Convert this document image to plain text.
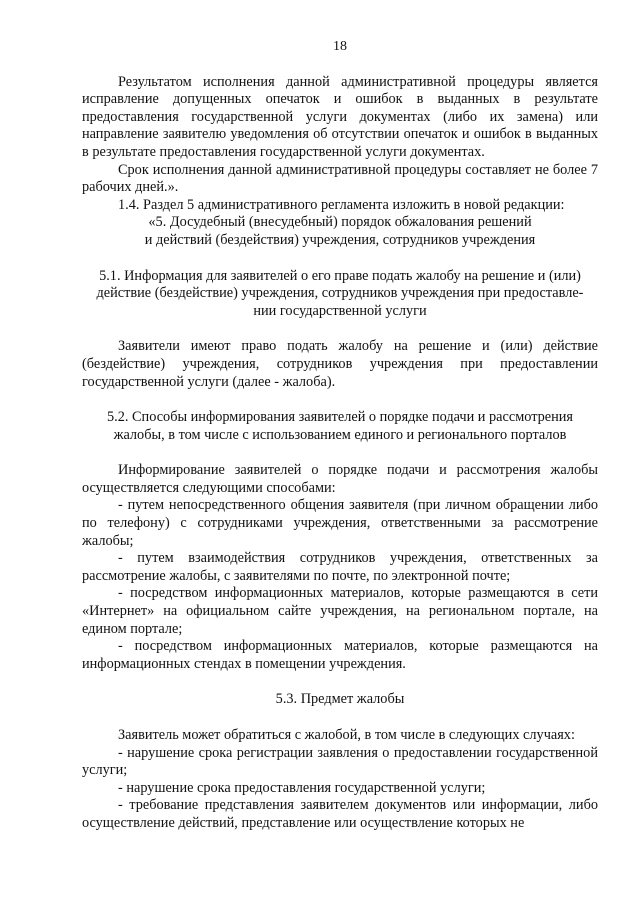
18

Результатом исполнения данной административной процедуры является исправление допущенных опечаток и ошибок в выданных в результате предоставления государственной услуги документах (либо их замена) или направление заявителю уведомления об отсутствии опечаток и ошибок в выданных в результате предоставления государственной услуги документах.

Срок исполнения данной административной процедуры составляет не более 7 рабочих дней.».

1.4. Раздел 5 административного регламента изложить в новой редакции:

«5. Досудебный (внесудебный) порядок обжалования решений
и действий (бездействия) учреждения, сотрудников учреждения
5.1. Информация для заявителей о его праве подать жалобу на решение и (или)
действие (бездействие) учреждения, сотрудников учреждения при предоставле-
нии государственной услуги

Заявители имеют право подать жалобу на решение и (или) действие (бездействие) учреждения, сотрудников учреждения при предоставлении государственной услуги (далее - жалоба).

5.2. Способы информирования заявителей о порядке подачи и рассмотрения
жалобы, в том числе с использованием единого и регионального порталов

Информирование заявителей о порядке подачи и рассмотрения жалобы осуществляется следующими способами:

- путем непосредственного общения заявителя (при личном обращении либо по телефону) с сотрудниками учреждения, ответственными за рассмотрение жалобы;

- путем взаимодействия сотрудников учреждения, ответственных за рассмотрение жалобы, с заявителями по почте, по электронной почте;

- посредством информационных материалов, которые размещаются в сети «Интернет» на официальном сайте учреждения, на региональном портале, на едином портале;

- посредством информационных материалов, которые размещаются на информационных стендах в помещении учреждения.

5.3. Предмет жалобы

Заявитель может обратиться с жалобой, в том числе в следующих случаях:

- нарушение срока регистрации заявления о предоставлении государственной услуги;

- нарушение срока предоставления государственной услуги;

- требование представления заявителем документов или информации, либо осуществление действий, представление или осуществление которых не
